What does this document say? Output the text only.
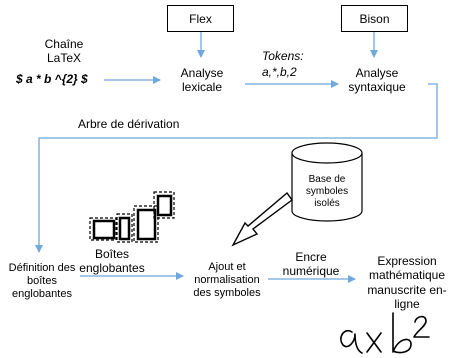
Flex	Bison
Chaîne
LaTeX
$ a * b ^{2} $	Analyse
lexicale
Tokens:
a,*,b,2	Analyse
syntaxique
Arbre de dérivation
Base de
symboles
isolés
Boîtes
englobantes
Définition des
boîtes
englobantes
Ajout et
normalisation
des symboles
Encre
numérique
Expression
mathématique
manuscrite en-
ligne
